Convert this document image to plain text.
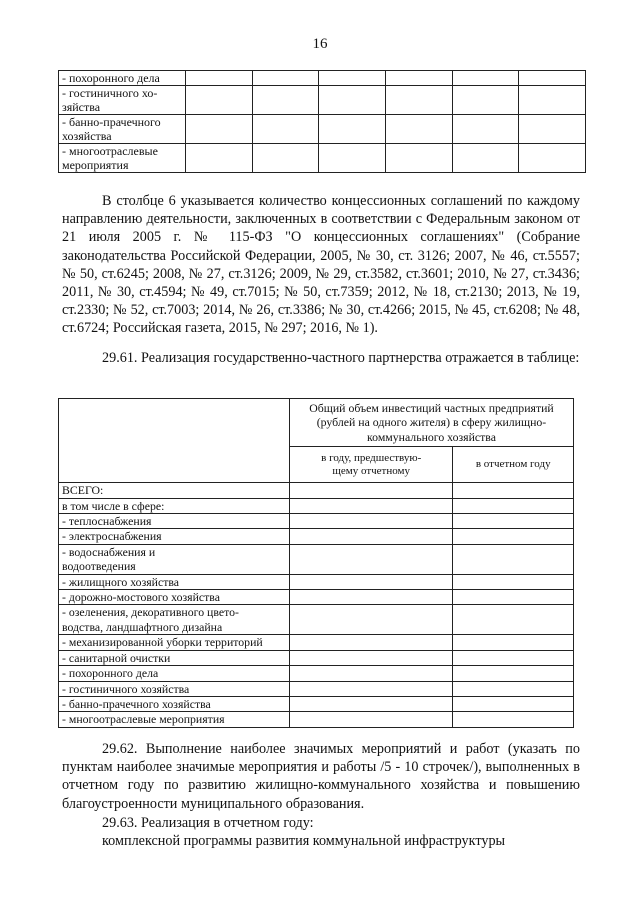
16
- похоронного дела						
- гостиничного хо-
зяйства						
- банно-прачечного
хозяйства						
- многоотраслевые
мероприятия						

В столбце 6 указывается количество концессионных соглашений по каждому направлению деятельности, заключенных в соответствии с Федеральным законом от 21 июля 2005 г. № 115-ФЗ "О концессионных соглашениях" (Собрание законодательства Российской Федерации, 2005, № 30, ст. 3126; 2007, № 46, ст.5557; № 50, ст.6245; 2008, № 27, ст.3126; 2009, № 29, ст.3582, ст.3601; 2010, № 27, ст.3436; 2011, № 30, ст.4594; № 49, ст.7015; № 50, ст.7359; 2012, № 18, ст.2130; 2013, № 19, ст.2330; № 52, ст.7003; 2014, № 26, ст.3386; № 30, ст.4266; 2015, № 45, ст.6208; № 48, ст.6724; Российская газета, 2015, № 297; 2016, № 1).

29.61. Реализация государственно-частного партнерства отражается в таблице:

	Общий объем инвестиций частных предприятий (рублей на одного жителя) в сферу жилищно-коммунального хозяйства	
	в году, предшествую-
щему отчетному	в отчетном году
ВСЕГО:		
в том числе в сфере:		
- теплоснабжения		
- электроснабжения		
- водоснабжения и
водоотведения		
- жилищного хозяйства		
- дорожно-мостового хозяйства		
- озеленения, декоративного цвето-
водства, ландшафтного дизайна		
- механизированной уборки территорий		
- санитарной очистки		
- похоронного дела		
- гостиничного хозяйства		
- банно-прачечного хозяйства		
- многоотраслевые мероприятия		

29.62. Выполнение наиболее значимых мероприятий и работ (указать по пунктам наиболее значимые мероприятия и работы /5 - 10 строчек/), выполненных в отчетном году по развитию жилищно-коммунального хозяйства и повышению благоустроенности муниципального образования.

29.63. Реализация в отчетном году:

комплексной программы развития коммунальной инфраструктуры
